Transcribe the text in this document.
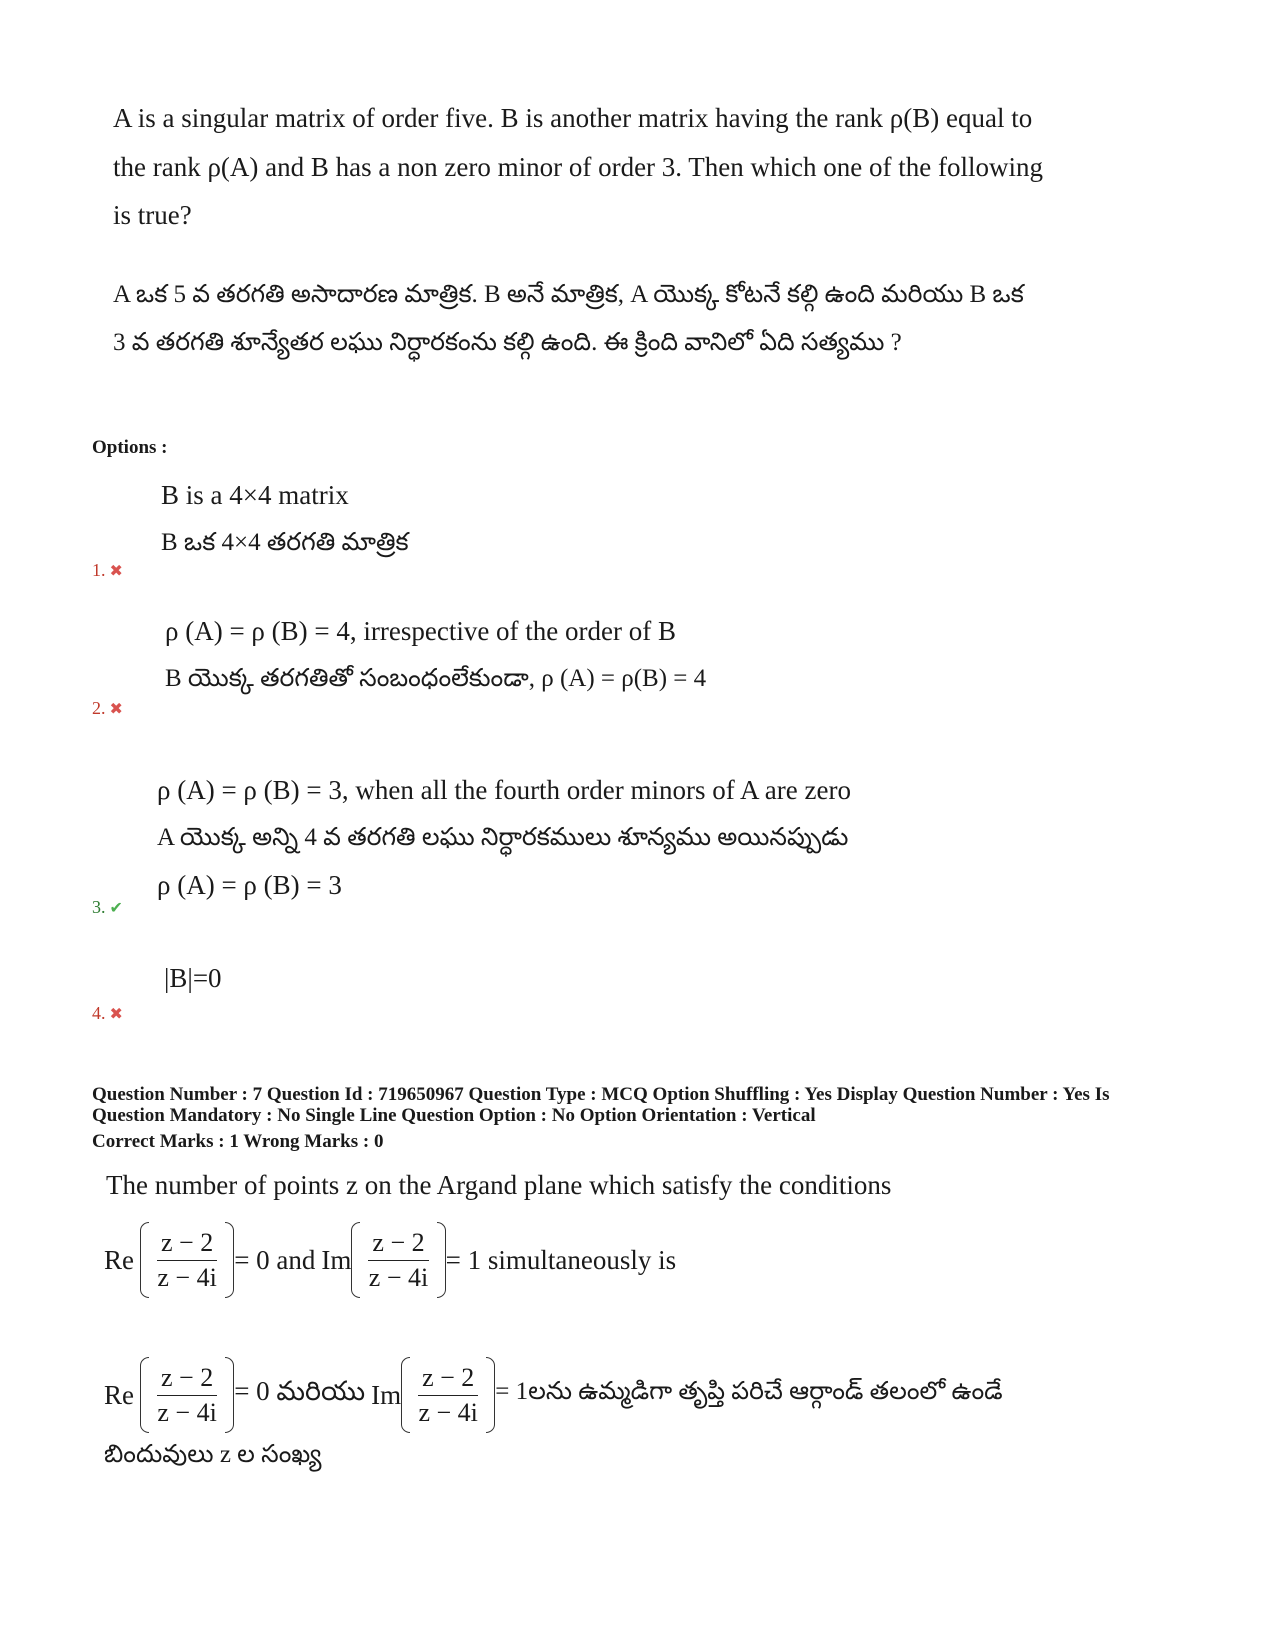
A is a singular matrix of order five. B is another matrix having the rank ρ(B) equal to
the rank ρ(A) and B has a non zero minor of order 3. Then which one of the following
is true?
A ఒక 5 వ తరగతి అసాదారణ మాత్రిక. B అనే మాత్రిక, A యొక్క కోటనే కల్గి ఉంది మరియు B ఒక
3 వ తరగతి శూన్యేతర లఘు నిర్ధారకంను కల్గి ఉంది. ఈ క్రింది వానిలో ఏది సత్యము ?
Options :
B is a 4×4 matrix
B ఒక 4×4 తరగతి మాత్రిక
1. ✖
ρ (A) = ρ (B) = 4, irrespective of the order of B
B యొక్క తరగతితో సంబంధంలేకుండా, ρ (A) = ρ(B) = 4
2. ✖
ρ (A) = ρ (B) = 3, when all the fourth order minors of A are zero
A యొక్క అన్ని 4 వ తరగతి లఘు నిర్ధారకములు శూన్యము అయినప్పుడు
ρ (A) = ρ (B) = 3
3. ✔
|B|=0
4. ✖
Question Number : 7 Question Id : 719650967 Question Type : MCQ Option Shuffling : Yes Display Question Number : Yes Is
Question Mandatory : No Single Line Question Option : No Option Orientation : Vertical
Correct Marks : 1 Wrong Marks : 0
The number of points z on the Argand plane which satisfy the conditions
Re $\frac{z - 2}{z - 4i} = 0$ and Im $\frac{z - 2}{z - 4i} = 1$ simultaneously is
Re $\frac{z - 2}{z - 4i} = 0$ మరియు Im $\frac{z - 2}{z - 4i}$ = 1లను ఉమ్మడిగా తృప్తి పరిచే ఆర్గాండ్ తలంలో ఉండే
బిందువులు z ల సంఖ్య
